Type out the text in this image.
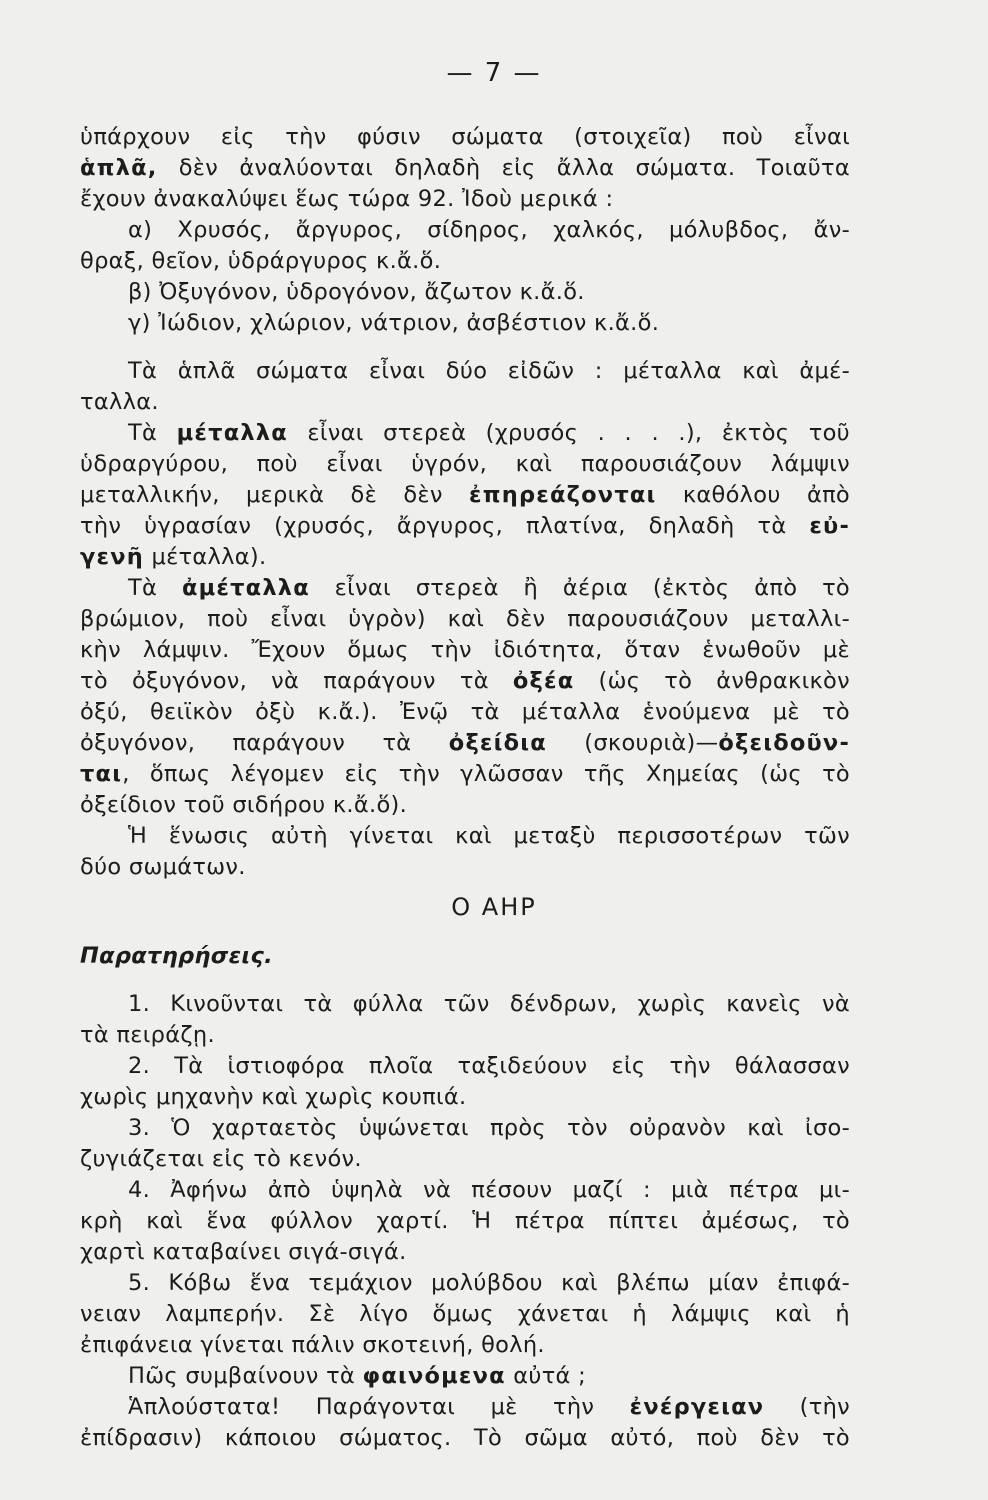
— 7 —
ὑπάρχουν εἰς τὴν φύσιν σώματα (στοιχεῖα) ποὺ εἶναι
ἁπλᾶ, δὲν ἀναλύονται δηλαδὴ εἰς ἄλλα σώματα. Τοιαῦτα
ἔχουν ἀνακαλύψει ἕως τώρα 92. Ἰδοὺ μερικά :
α) Χρυσός, ἄργυρος, σίδηρος, χαλκός, μόλυβδος, ἄν-
θραξ, θεῖον, ὑδράργυρος κ.ἄ.ὅ.
β) Ὀξυγόνον, ὑδρογόνον, ἄζωτον κ.ἄ.ὅ.
γ) Ἰώδιον, χλώριον, νάτριον, ἀσβέστιον κ.ἄ.ὅ.
Τὰ ἁπλᾶ σώματα εἶναι δύο εἰδῶν : μέταλλα καὶ ἀμέ-
ταλλα.
Τὰ μέταλλα εἶναι στερεὰ (χρυσός . . . .), ἐκτὸς τοῦ
ὑδραργύρου, ποὺ εἶναι ὑγρόν, καὶ παρουσιάζουν λάμψιν
μεταλλικήν, μερικὰ δὲ δὲν ἐπηρεάζονται καθόλου ἀπὸ
τὴν ὑγρασίαν (χρυσός, ἄργυρος, πλατίνα, δηλαδὴ τὰ εὐ-
γενῆ μέταλλα).
Τὰ ἀμέταλλα εἶναι στερεὰ ἢ ἀέρια (ἐκτὸς ἀπὸ τὸ
βρώμιον, ποὺ εἶναι ὑγρὸν) καὶ δὲν παρουσιάζουν μεταλλι-
κὴν λάμψιν. Ἔχουν ὅμως τὴν ἰδιότητα, ὅταν ἑνωθοῦν μὲ
τὸ ὀξυγόνον, νὰ παράγουν τὰ ὀξέα (ὡς τὸ ἀνθρακικὸν
ὀξύ, θειϊκὸν ὀξὺ κ.ἄ.). Ἐνῷ τὰ μέταλλα ἑνούμενα μὲ τὸ
ὀξυγόνον, παράγουν τὰ ὀξείδια (σκουριὰ)—ὀξειδοῦν-
ται, ὅπως λέγομεν εἰς τὴν γλῶσσαν τῆς Χημείας (ὡς τὸ
ὀξείδιον τοῦ σιδήρου κ.ἄ.ὅ).
Ἡ ἕνωσις αὐτὴ γίνεται καὶ μεταξὺ περισσοτέρων τῶν
δύο σωμάτων.
Ο ΑΗΡ
Παρατηρήσεις.
1. Κινοῦνται τὰ φύλλα τῶν δένδρων, χωρὶς κανεὶς νὰ
τὰ πειράζῃ.
2. Τὰ ἱστιοφόρα πλοῖα ταξιδεύουν εἰς τὴν θάλασσαν
χωρὶς μηχανὴν καὶ χωρὶς κουπιά.
3. Ὁ χαρταετὸς ὑψώνεται πρὸς τὸν οὐρανὸν καὶ ἰσο-
ζυγιάζεται εἰς τὸ κενόν.
4. Ἀφήνω ἀπὸ ὑψηλὰ νὰ πέσουν μαζί : μιὰ πέτρα μι-
κρὴ καὶ ἕνα φύλλον χαρτί. Ἡ πέτρα πίπτει ἀμέσως, τὸ
χαρτὶ καταβαίνει σιγά-σιγά.
5. Κόβω ἕνα τεμάχιον μολύβδου καὶ βλέπω μίαν ἐπιφά-
νειαν λαμπερήν. Σὲ λίγο ὅμως χάνεται ἡ λάμψις καὶ ἡ
ἐπιφάνεια γίνεται πάλιν σκοτεινή, θολή.
Πῶς συμβαίνουν τὰ φαινόμενα αὐτά ;
Ἁπλούστατα! Παράγονται μὲ τὴν ἐνέργειαν (τὴν
ἐπίδρασιν) κάποιου σώματος. Τὸ σῶμα αὐτό, ποὺ δὲν τὸ
